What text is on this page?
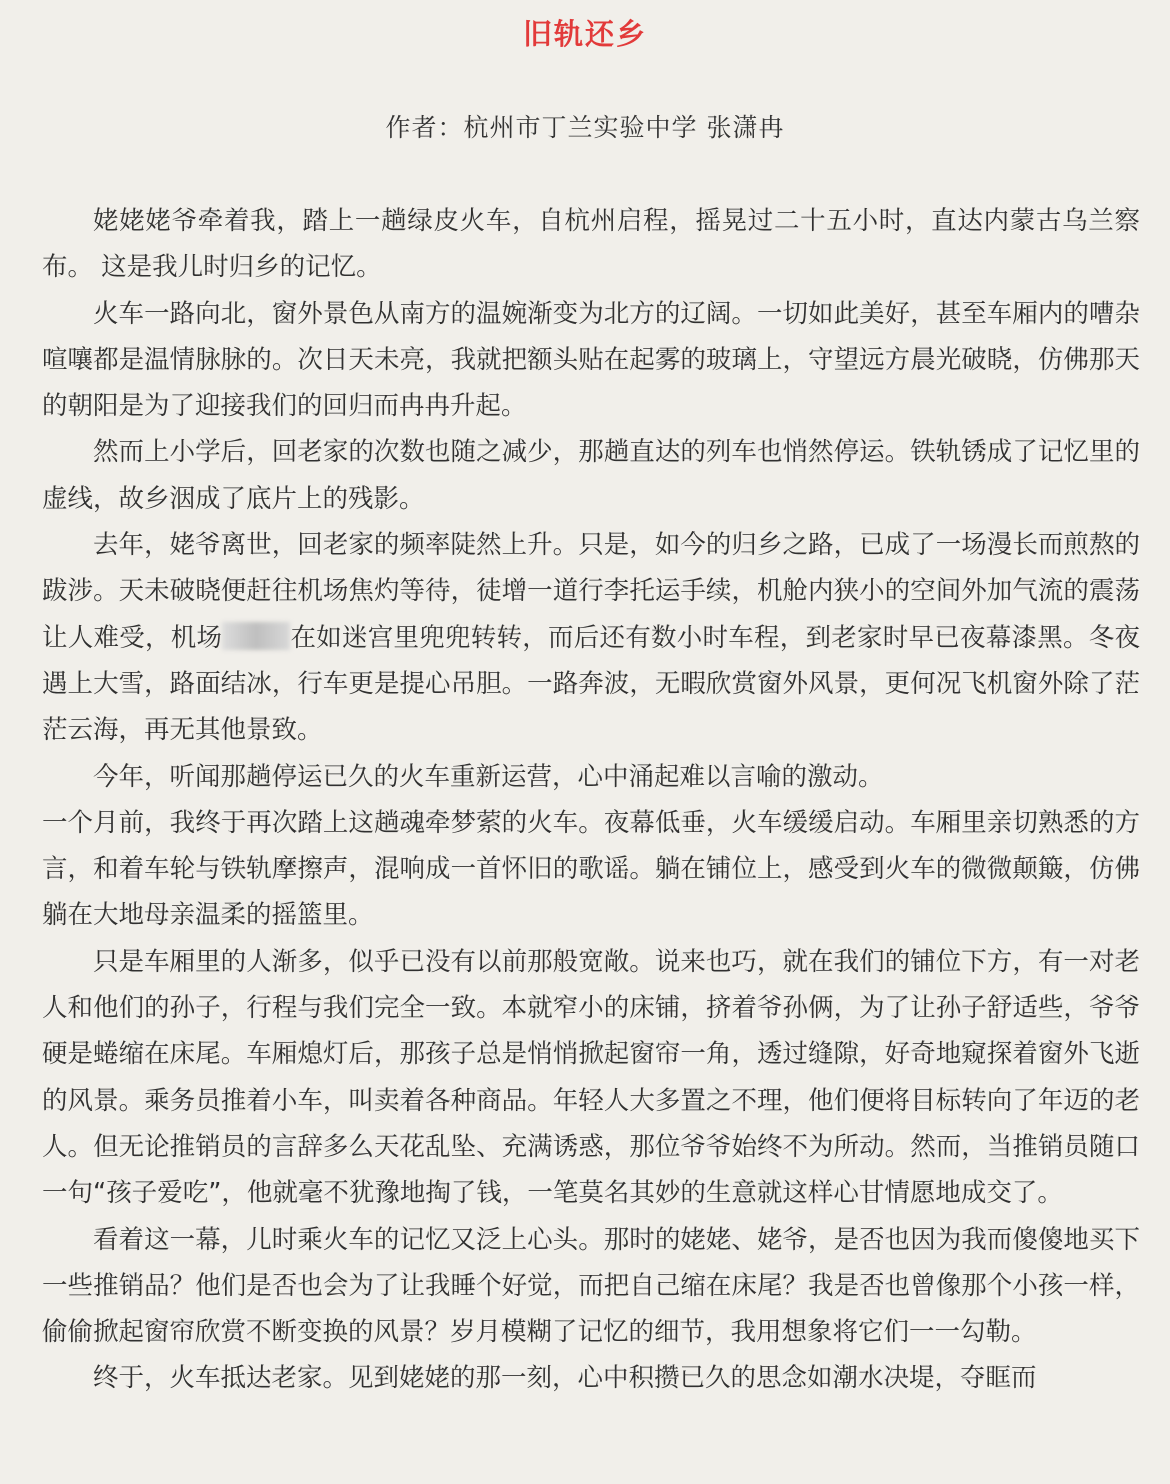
旧轨还乡
作者：杭州市丁兰实验中学 张潇冉

姥姥姥爷牵着我，踏上一趟绿皮火车，自杭州启程，摇晃过二十五小时，直达内蒙古乌兰察布。 这是我儿时归乡的记忆。

火车一路向北，窗外景色从南方的温婉渐变为北方的辽阔。一切如此美好，甚至车厢内的嘈杂喧嚷都是温情脉脉的。次日天未亮，我就把额头贴在起雾的玻璃上，守望远方晨光破晓，仿佛那天的朝阳是为了迎接我们的回归而冉冉升起。

然而上小学后，回老家的次数也随之减少，那趟直达的列车也悄然停运。铁轨锈成了记忆里的虚线，故乡洇成了底片上的残影。

去年，姥爷离世，回老家的频率陡然上升。只是，如今的归乡之路，已成了一场漫长而煎熬的跋涉。天未破晓便赶往机场焦灼等待，徒增一道行李托运手续，机舱内狭小的空间外加气流的震荡让人难受，机场	在如迷宫里兜兜转转，而后还有数小时车程，到老家时早已夜幕漆黑。冬夜遇上大雪，路面结冰，行车更是提心吊胆。一路奔波，无暇欣赏窗外风景，更何况飞机窗外除了茫茫云海，再无其他景致。

今年，听闻那趟停运已久的火车重新运营，心中涌起难以言喻的激动。

一个月前，我终于再次踏上这趟魂牵梦萦的火车。夜幕低垂，火车缓缓启动。车厢里亲切熟悉的方言，和着车轮与铁轨摩擦声，混响成一首怀旧的歌谣。躺在铺位上，感受到火车的微微颠簸，仿佛躺在大地母亲温柔的摇篮里。

只是车厢里的人渐多，似乎已没有以前那般宽敞。说来也巧，就在我们的铺位下方，有一对老人和他们的孙子，行程与我们完全一致。本就窄小的床铺，挤着爷孙俩，为了让孙子舒适些，爷爷硬是蜷缩在床尾。车厢熄灯后，那孩子总是悄悄掀起窗帘一角，透过缝隙，好奇地窥探着窗外飞逝的风景。乘务员推着小车，叫卖着各种商品。年轻人大多置之不理，他们便将目标转向了年迈的老人。但无论推销员的言辞多么天花乱坠、充满诱惑，那位爷爷始终不为所动。然而，当推销员随口一句“孩子爱吃”，他就毫不犹豫地掏了钱，一笔莫名其妙的生意就这样心甘情愿地成交了。

看着这一幕，儿时乘火车的记忆又泛上心头。那时的姥姥、姥爷，是否也因为我而傻傻地买下一些推销品？他们是否也会为了让我睡个好觉，而把自己缩在床尾？我是否也曾像那个小孩一样，偷偷掀起窗帘欣赏不断变换的风景？岁月模糊了记忆的细节，我用想象将它们一一勾勒。

终于，火车抵达老家。见到姥姥的那一刻，心中积攒已久的思念如潮水决堤，夺眶而
